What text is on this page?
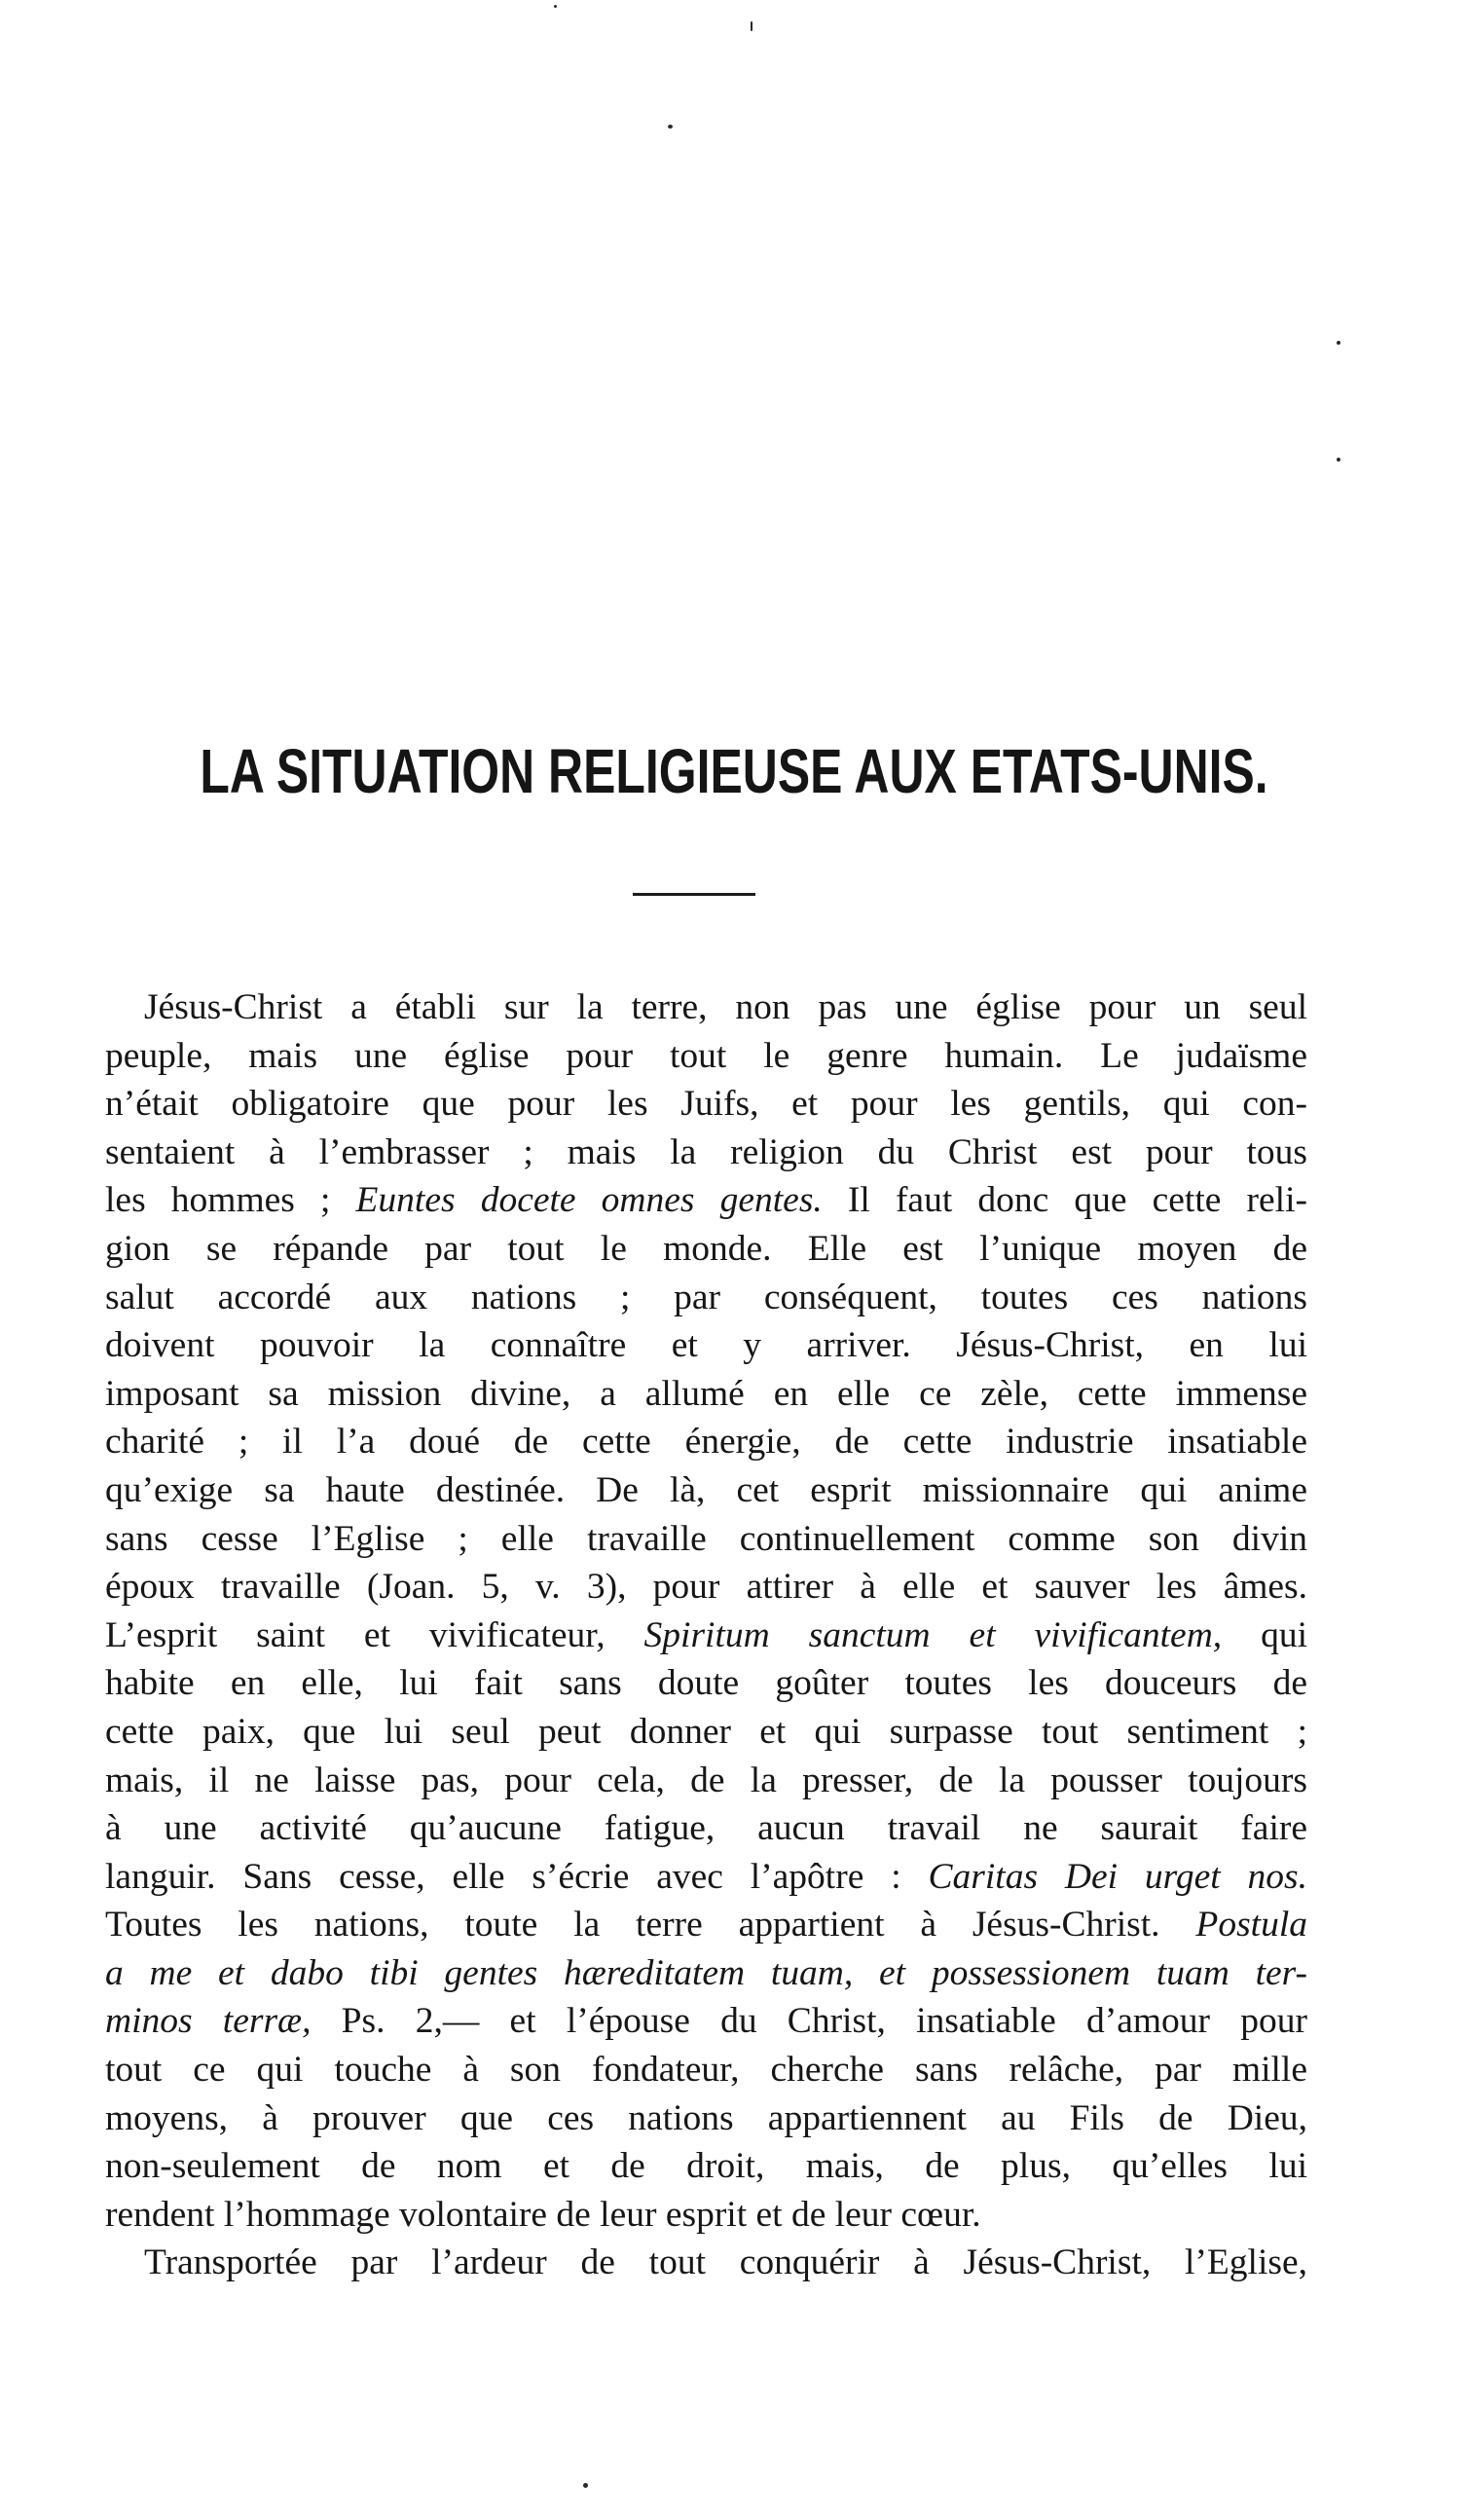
LA SITUATION RELIGIEUSE AUX ETATS-UNIS.
Jésus-Christ a établi sur la terre, non pas une église pour un seul
peuple, mais une église pour tout le genre humain. Le judaïsme
n’était obligatoire que pour les Juifs, et pour les gentils, qui con-
sentaient à l’embrasser ; mais la religion du Christ est pour tous
les hommes ; Euntes docete omnes gentes. Il faut donc que cette reli-
gion se répande par tout le monde. Elle est l’unique moyen de
salut accordé aux nations ; par conséquent, toutes ces nations
doivent pouvoir la connaître et y arriver. Jésus-Christ, en lui
imposant sa mission divine, a allumé en elle ce zèle, cette immense
charité ; il l’a doué de cette énergie, de cette industrie insatiable
qu’exige sa haute destinée. De là, cet esprit missionnaire qui anime
sans cesse l’Eglise ; elle travaille continuellement comme son divin
époux travaille (Joan. 5, v. 3), pour attirer à elle et sauver les âmes.
L’esprit saint et vivificateur, Spiritum sanctum et vivificantem, qui
habite en elle, lui fait sans doute goûter toutes les douceurs de
cette paix, que lui seul peut donner et qui surpasse tout sentiment ;
mais, il ne laisse pas, pour cela, de la presser, de la pousser toujours
à une activité qu’aucune fatigue, aucun travail ne saurait faire
languir. Sans cesse, elle s’écrie avec l’apôtre : Caritas Dei urget nos.
Toutes les nations, toute la terre appartient à Jésus-Christ. Postula
a me et dabo tibi gentes hæreditatem tuam, et possessionem tuam ter-
minos terræ, Ps. 2,— et l’épouse du Christ, insatiable d’amour pour
tout ce qui touche à son fondateur, cherche sans relâche, par mille
moyens, à prouver que ces nations appartiennent au Fils de Dieu,
non-seulement de nom et de droit, mais, de plus, qu’elles lui
rendent l’hommage volontaire de leur esprit et de leur cœur.
Transportée par l’ardeur de tout conquérir à Jésus-Christ, l’Eglise,
